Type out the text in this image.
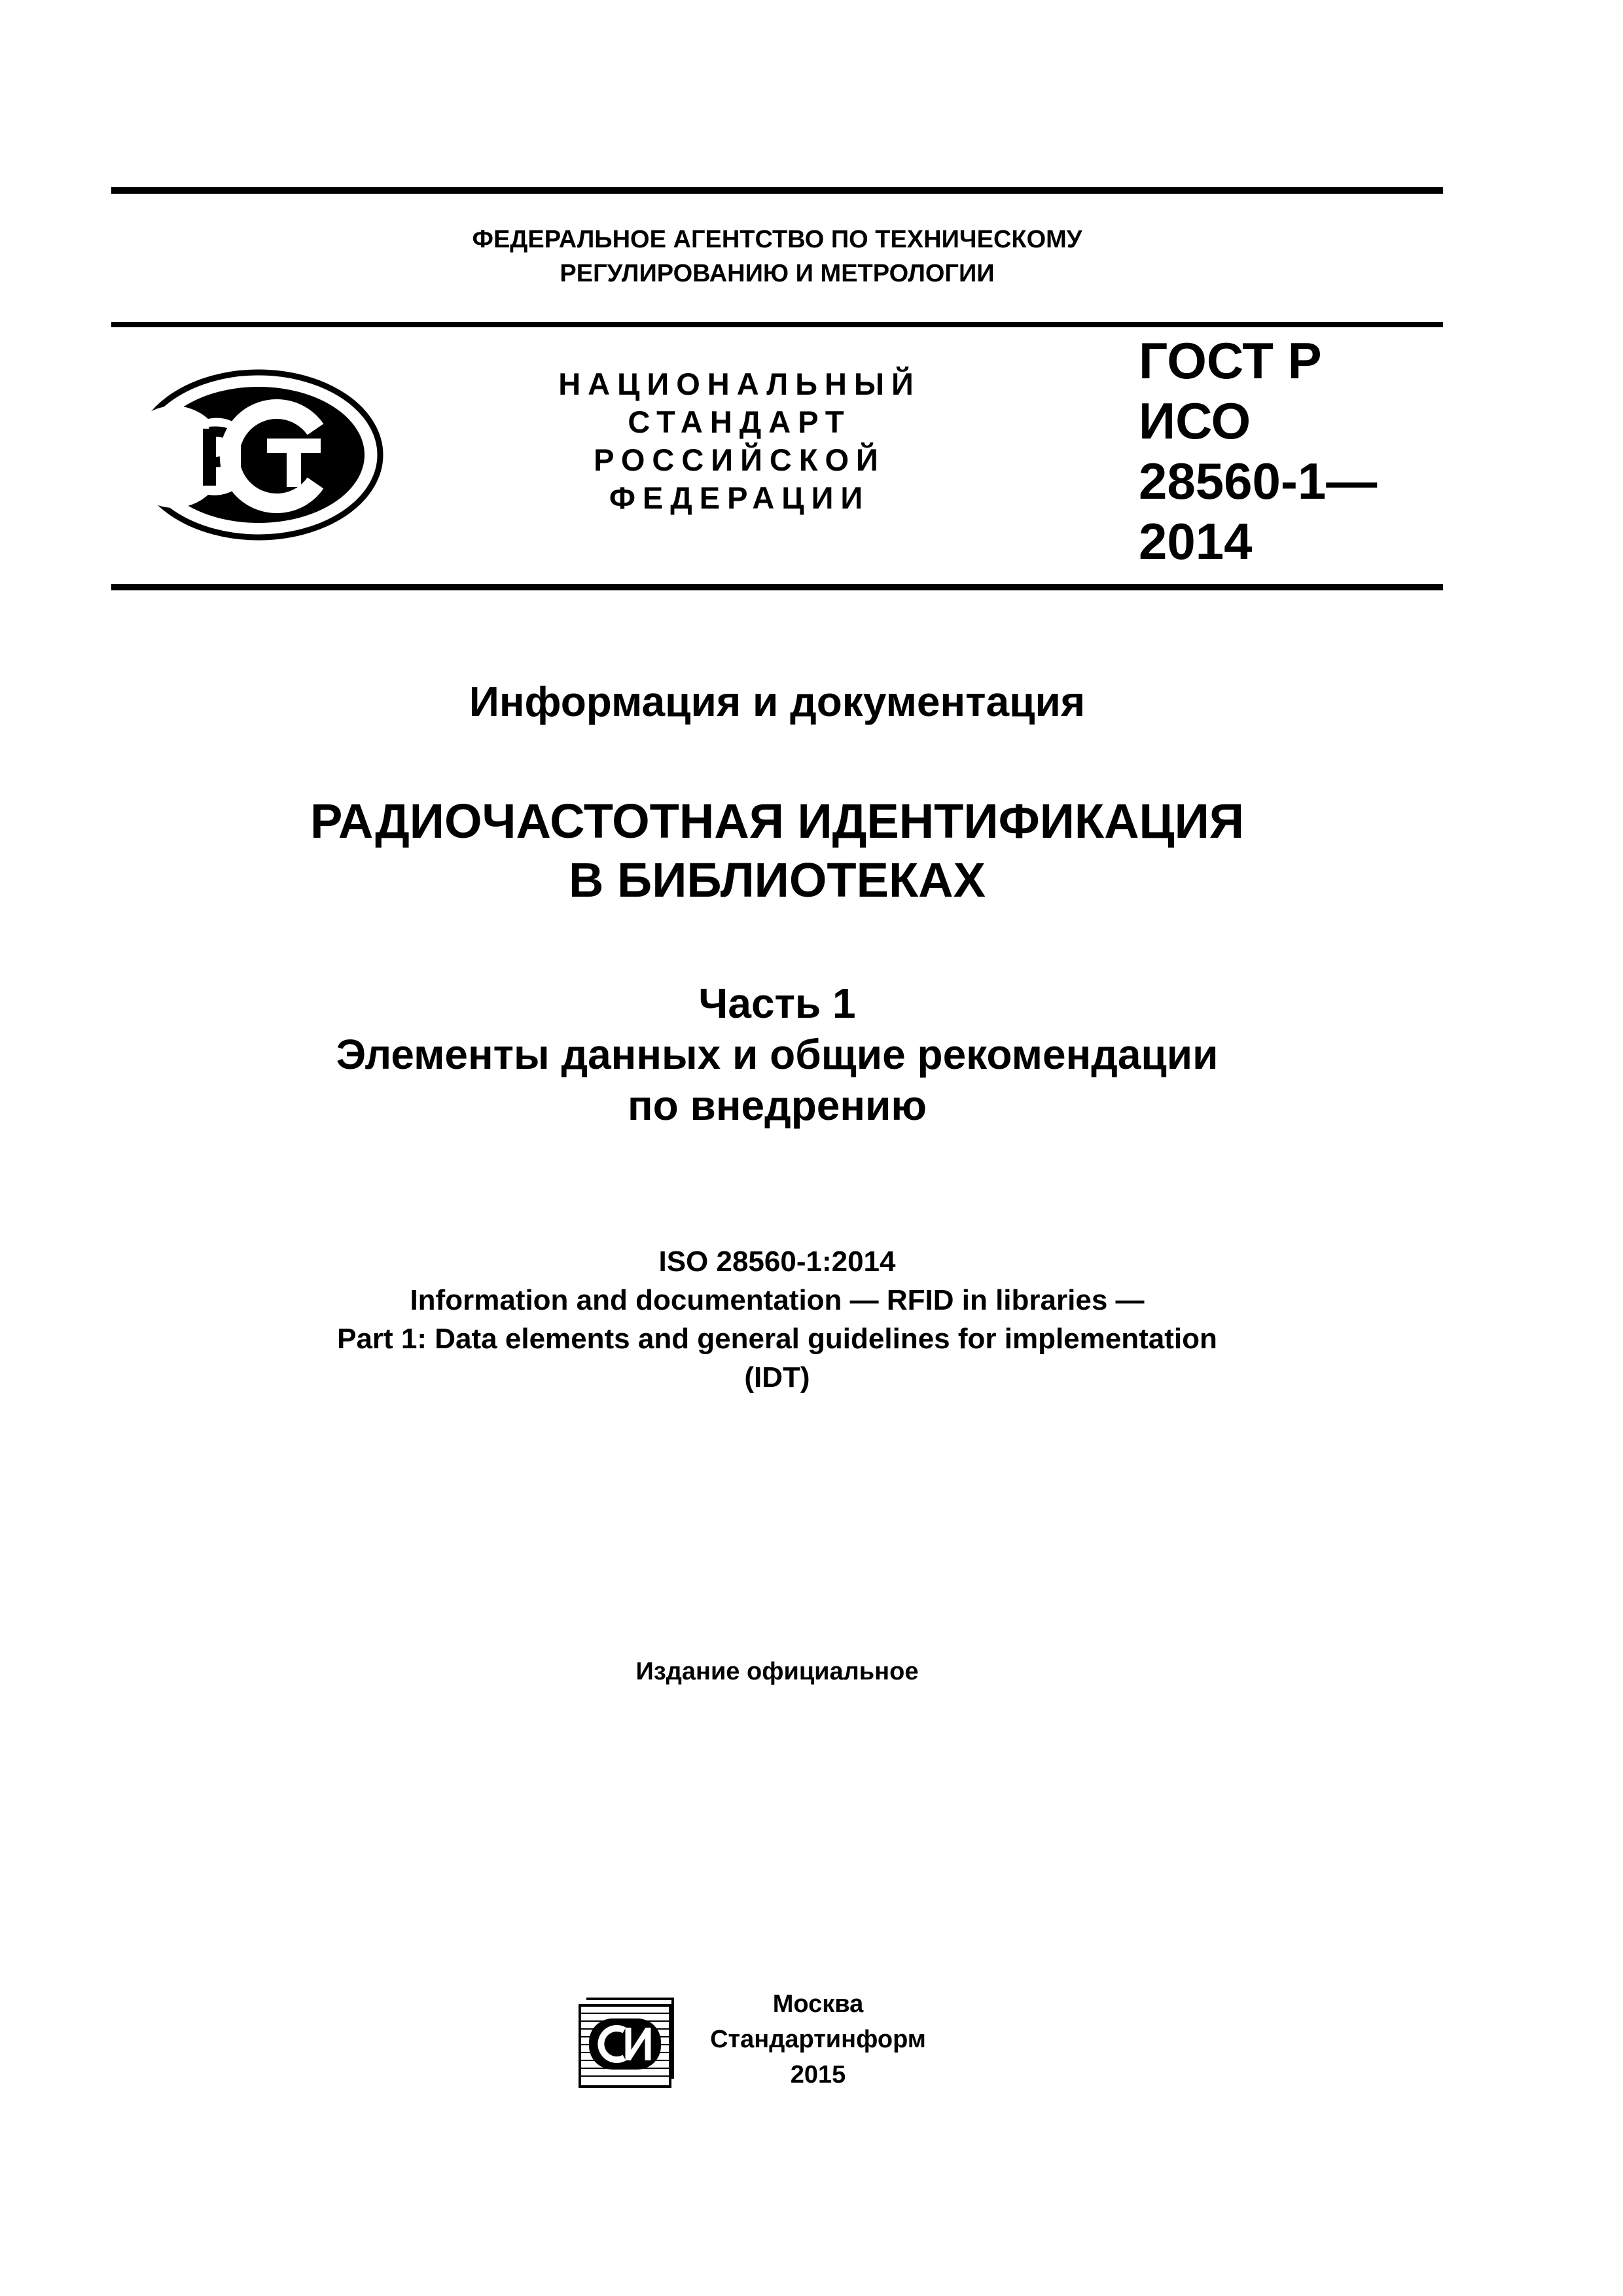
ФЕДЕРАЛЬНОЕ АГЕНТСТВО ПО ТЕХНИЧЕСКОМУ
РЕГУЛИРОВАНИЮ И МЕТРОЛОГИИ
НАЦИОНАЛЬНЫЙ
СТАНДАРТ
РОССИЙСКОЙ
ФЕДЕРАЦИИ
ГОСТ Р
ИСО
28560-1—
2014
Информация и документация
РАДИОЧАСТОТНАЯ ИДЕНТИФИКАЦИЯ
В БИБЛИОТЕКАХ
Часть 1
Элементы данных и общие рекомендации
по внедрению
ISO 28560-1:2014
Information and documentation — RFID in libraries —
Part 1: Data elements and general guidelines for implementation
(IDT)
Издание официальное
Москва
Стандартинформ
2015
